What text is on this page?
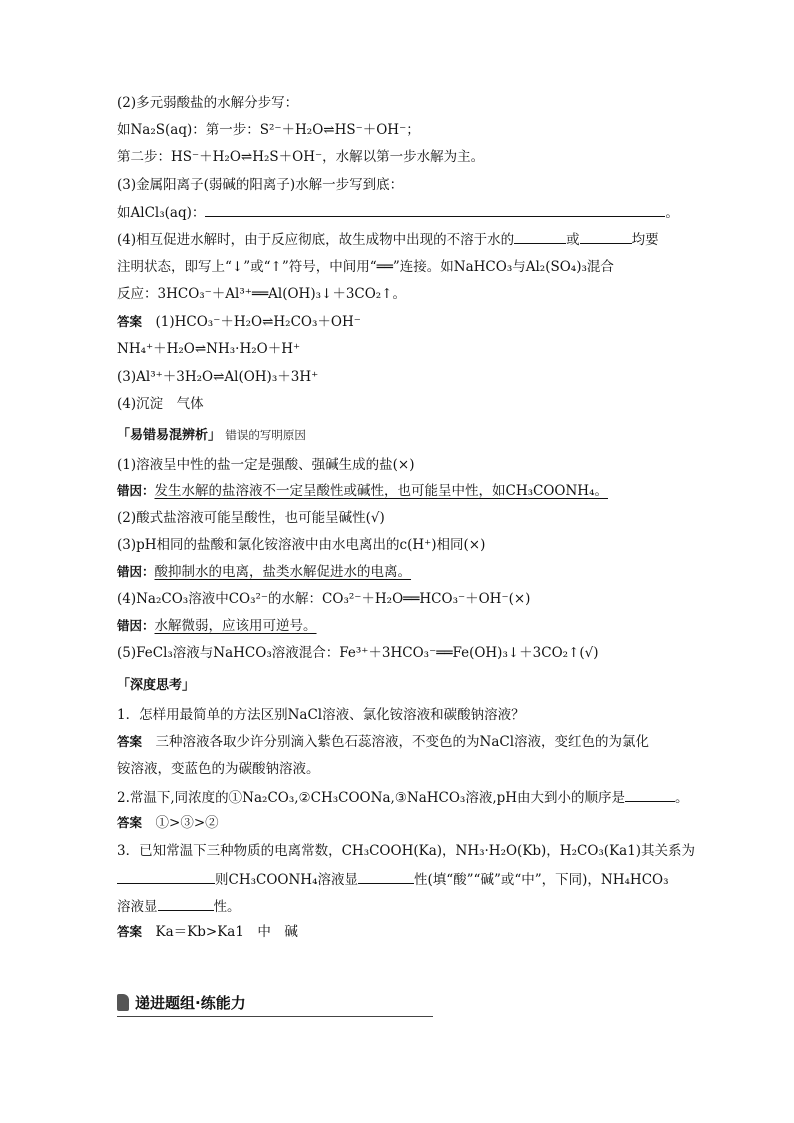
(2)多元弱酸盐的水解分步写：
如Na₂S(aq)：第一步：S²⁻＋H₂O⇌HS⁻＋OH⁻；
第二步：HS⁻＋H₂O⇌H₂S＋OH⁻，水解以第一步水解为主。
(3)金属阳离子(弱碱的阳离子)水解一步写到底：
如AlCl₃(aq)：	。
(4)相互促进水解时，由于反应彻底，故生成物中出现的不溶于水的	或	均要
注明状态，即写上“↓”或“↑”符号，中间用“══”连接。如NaHCO₃与Al₂(SO₄)₃混合
反应：3HCO₃⁻＋Al³⁺══Al(OH)₃↓＋3CO₂↑。
答案　 (1)HCO₃⁻＋H₂O⇌H₂CO₃＋OH⁻
NH₄⁺＋H₂O⇌NH₃·H₂O＋H⁺
(3)Al³⁺＋3H₂O⇌Al(OH)₃＋3H⁺
(4)沉淀　气体
「易错易混辨析」 错误的写明原因
(1)溶液呈中性的盐一定是强酸、强碱生成的盐(×)
错因：发生水解的盐溶液不一定呈酸性或碱性，也可能呈中性，如CH₃COONH₄。
(2)酸式盐溶液可能呈酸性，也可能呈碱性(√)
(3)pH相同的盐酸和氯化铵溶液中由水电离出的c(H⁺)相同(×)
错因：酸抑制水的电离，盐类水解促进水的电离。
(4)Na₂CO₃溶液中CO₃²⁻的水解：CO₃²⁻＋H₂O══HCO₃⁻＋OH⁻(×)
错因：水解微弱，应该用可逆号。
(5)FeCl₃溶液与NaHCO₃溶液混合：Fe³⁺＋3HCO₃⁻══Fe(OH)₃↓＋3CO₂↑(√)
「深度思考」
1．怎样用最简单的方法区别NaCl溶液、氯化铵溶液和碳酸钠溶液？
答案　 三种溶液各取少许分别滴入紫色石蕊溶液，不变色的为NaCl溶液，变红色的为氯化
铵溶液，变蓝色的为碳酸钠溶液。
2.常温下,同浓度的①Na₂CO₃,②CH₃COONa,③NaHCO₃溶液,pH由大到小的顺序是	。
答案　 ①>③>②
3．已知常温下三种物质的电离常数，CH₃COOH(Ka)，NH₃·H₂O(Kb)，H₂CO₃(Ka1)其关系为
则CH₃COONH₄溶液显	性(填“酸”“碱”或“中”，下同)，NH₄HCO₃
溶液显	性。
答案　 Ka＝Kb>Ka1　中　碱
递进题组·练能力
